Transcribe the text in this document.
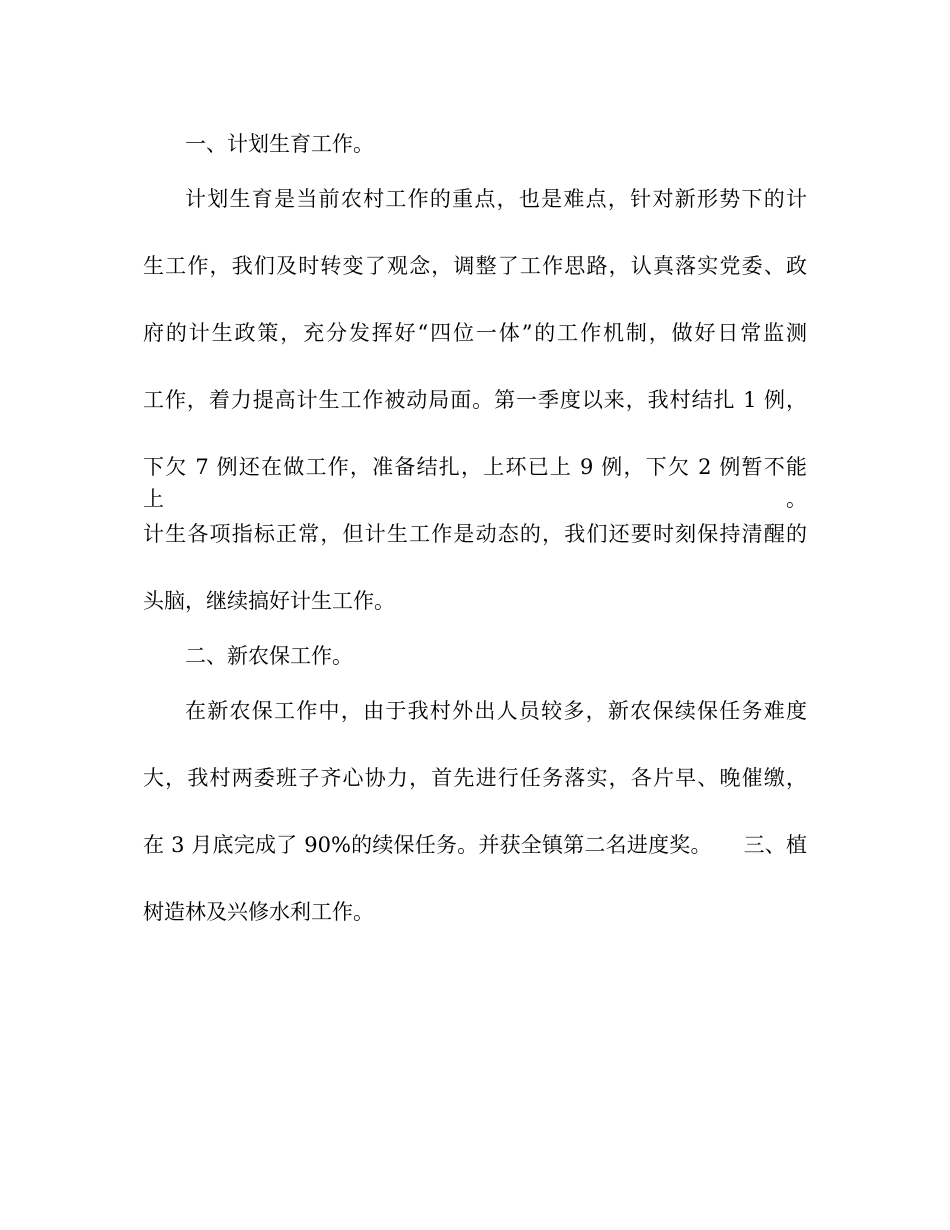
一、计划生育工作。
计划生育是当前农村工作的重点，也是难点，针对新形势下的计
生工作，我们及时转变了观念，调整了工作思路，认真落实党委、政
府的计生政策，充分发挥好“四位一体”的工作机制，做好日常监测
工作，着力提高计生工作被动局面。第一季度以来，我村结扎 1 例，
下欠 7 例还在做工作，准备结扎，上环已上 9 例，下欠 2 例暂不能上。
计生各项指标正常，但计生工作是动态的，我们还要时刻保持清醒的
头脑，继续搞好计生工作。
二、新农保工作。
在新农保工作中，由于我村外出人员较多，新农保续保任务难度
大，我村两委班子齐心协力，首先进行任务落实，各片早、晚催缴，
在 3 月底完成了 90%的续保任务。并获全镇第二名进度奖。　　三、植
树造林及兴修水利工作。
